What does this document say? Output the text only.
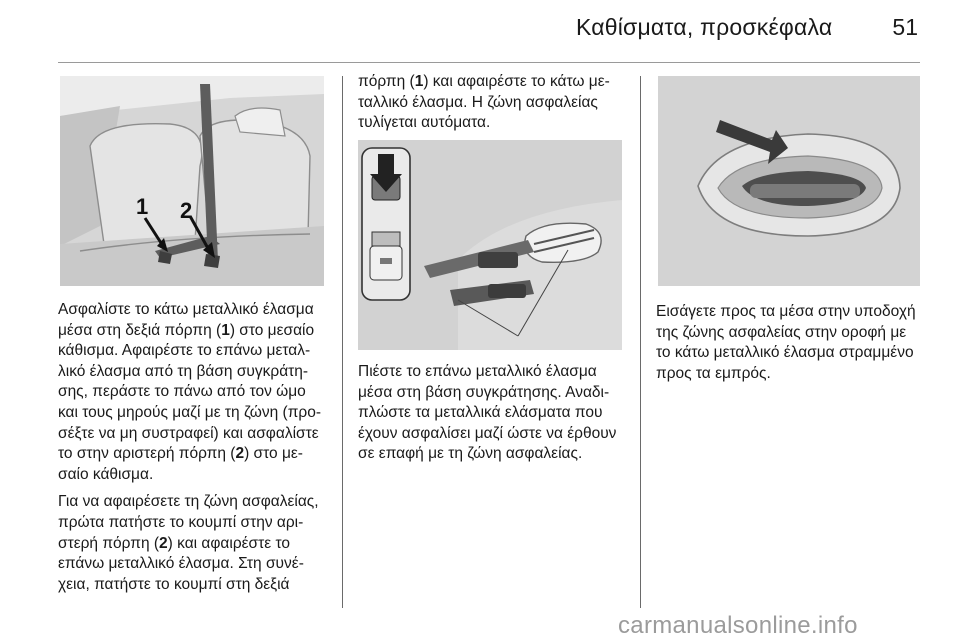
Καθίσματα, προσκέφαλα	51
1 2

Ασφαλίστε το κάτω μεταλλικό έλασμα μέσα στη δεξιά πόρπη (1) στο μεσαίο κάθισμα. Αφαιρέστε το επάνω μεταλ-λικό έλασμα από τη βάση συγκράτη-σης, περάστε το πάνω από τον ώμο και τους μηρούς μαζί με τη ζώνη (προ-σέξτε να μη συστραφεί) και ασφαλίστε το στην αριστερή πόρπη (2) στο με-σαίο κάθισμα.

Για να αφαιρέσετε τη ζώνη ασφαλείας, πρώτα πατήστε το κουμπί στην αρι-στερή πόρπη (2) και αφαιρέστε το επάνω μεταλλικό έλασμα. Στη συνέ-χεια, πατήστε το κουμπί στη δεξιά

πόρπη (1) και αφαιρέστε το κάτω με-ταλλικό έλασμα. Η ζώνη ασφαλείας τυλίγεται αυτόματα.

Πιέστε το επάνω μεταλλικό έλασμα μέσα στη βάση συγκράτησης. Αναδι-πλώστε τα μεταλλικά ελάσματα που έχουν ασφαλίσει μαζί ώστε να έρθουν σε επαφή με τη ζώνη ασφαλείας.

Εισάγετε προς τα μέσα στην υποδοχή της ζώνης ασφαλείας στην οροφή με το κάτω μεταλλικό έλασμα στραμμένο προς τα εμπρός.

carmanualsonline.info
